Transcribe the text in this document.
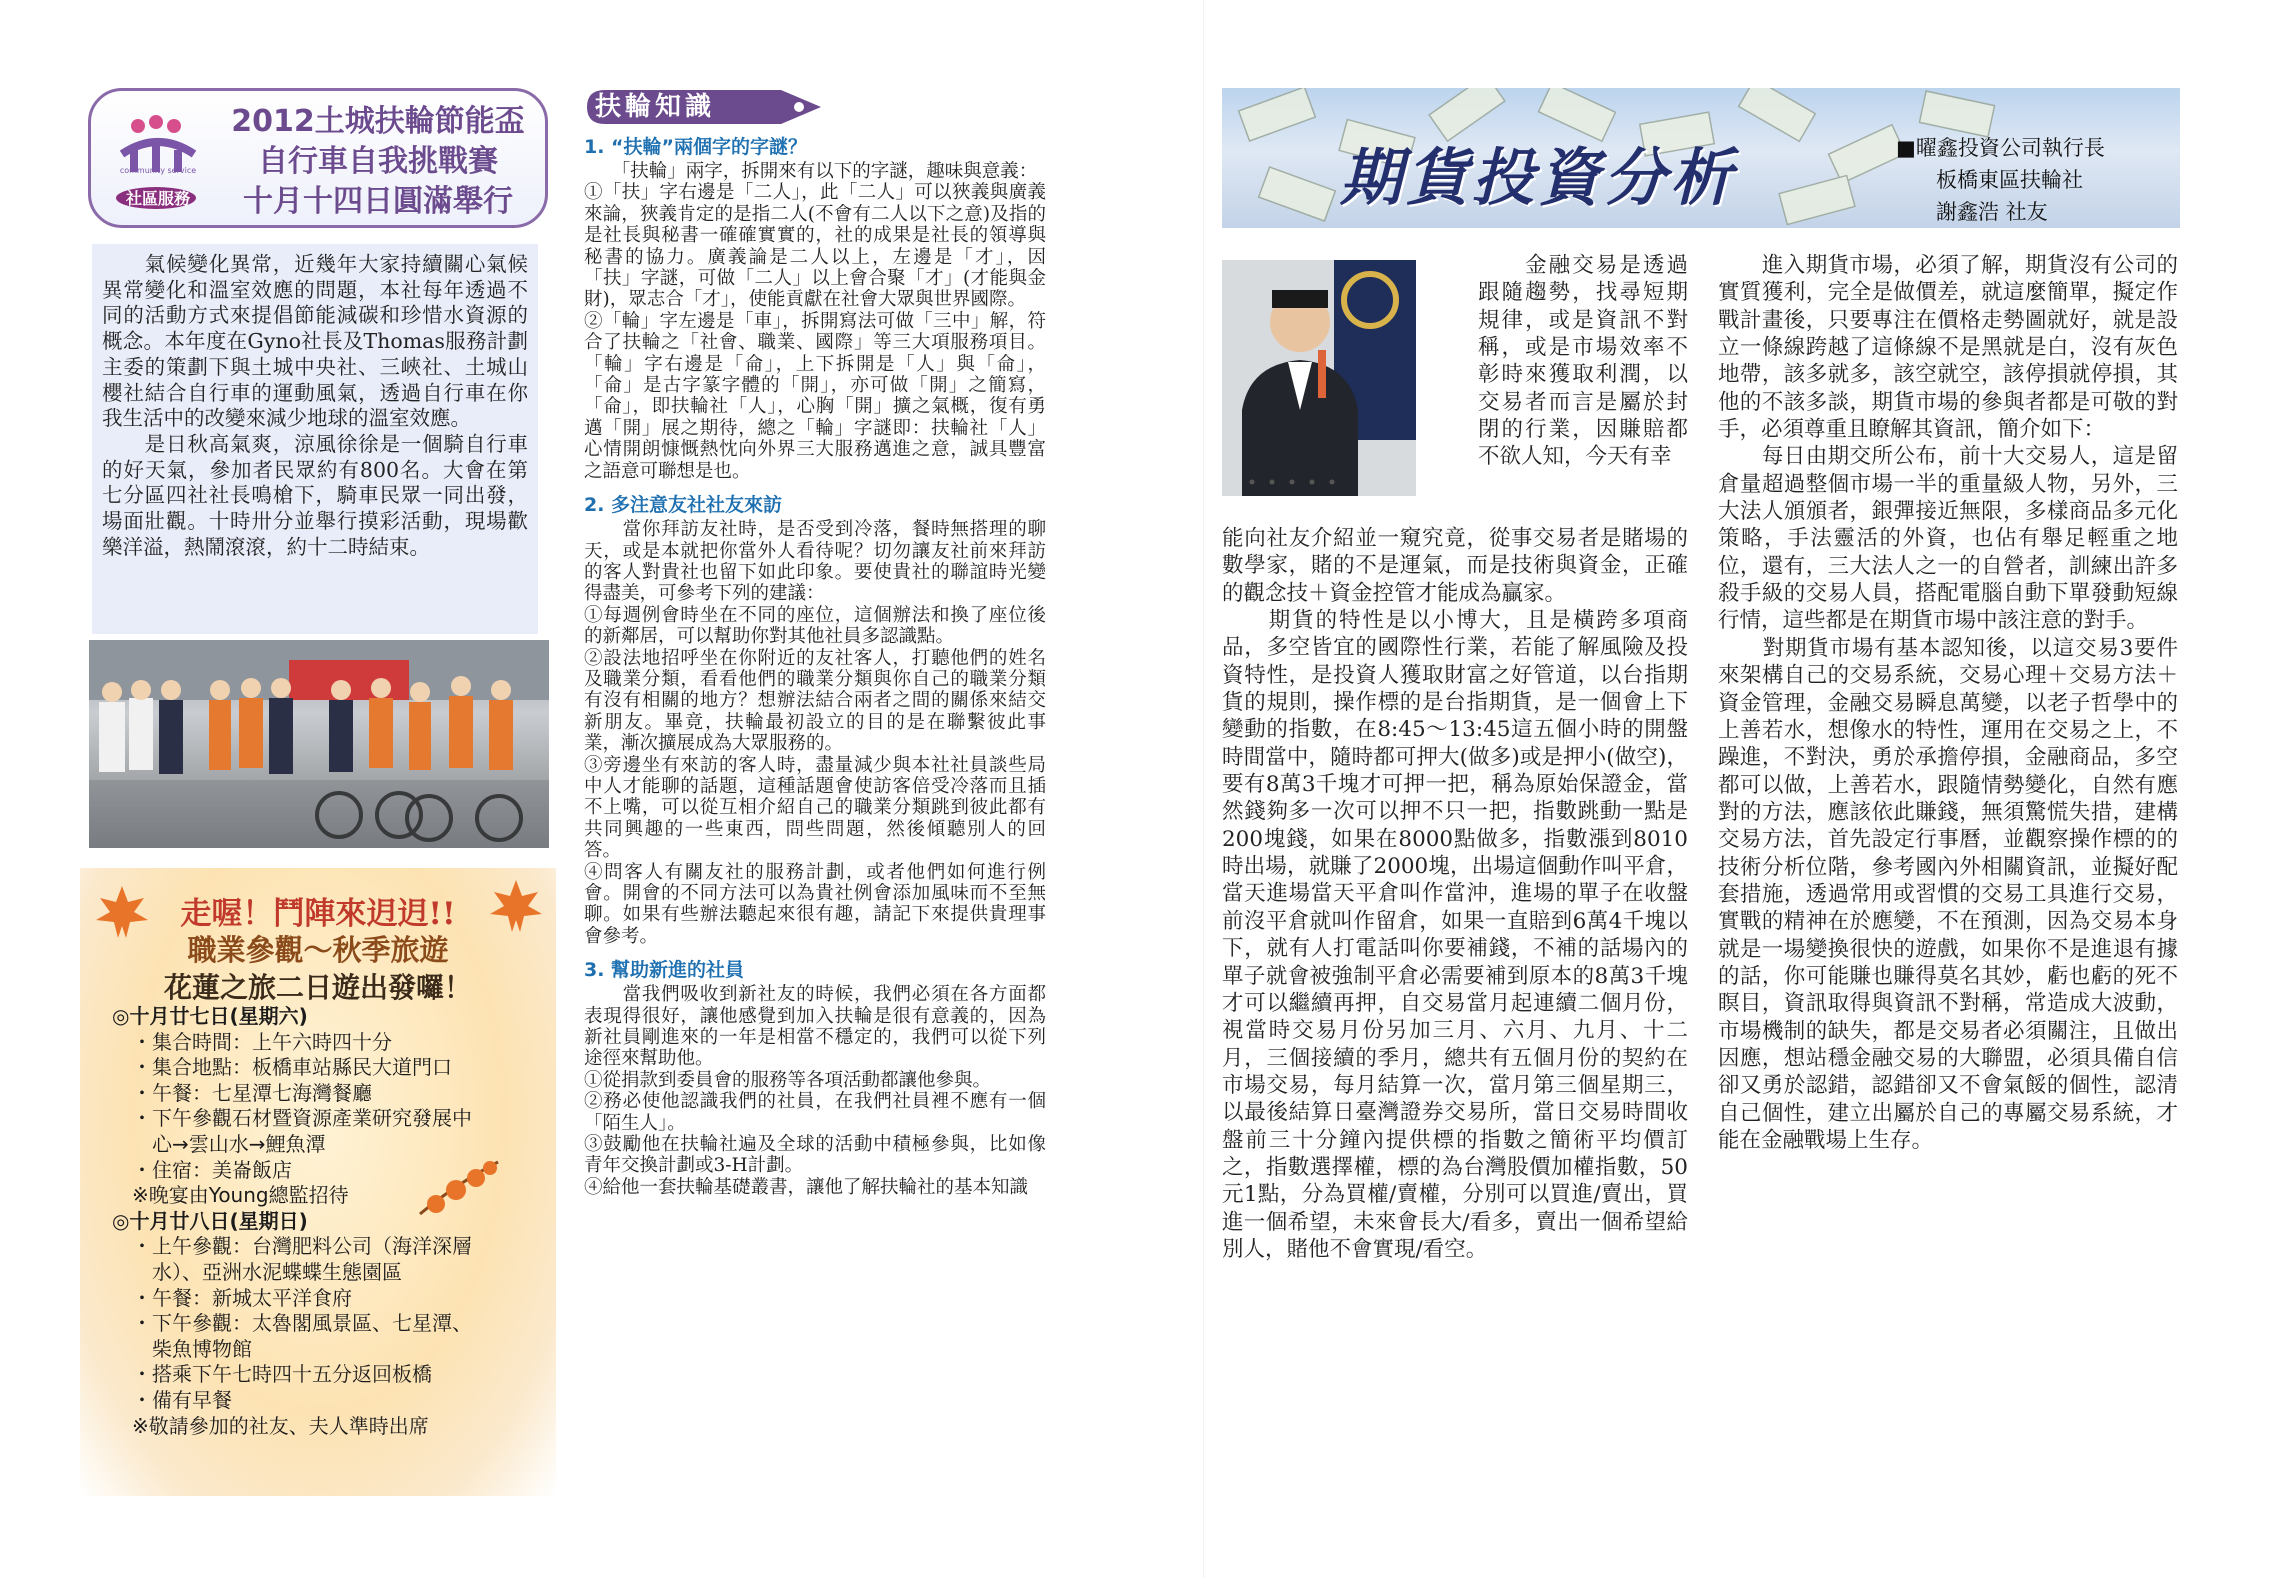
community service
社區服務
2012土城扶輪節能盃
自行車自我挑戰賽
十月十四日圓滿舉行
　　氣候變化異常，近幾年大家持續關心氣候異常變化和溫室效應的問題，本社每年透過不同的活動方式來提倡節能減碳和珍惜水資源的概念。本年度在Gyno社長及Thomas服務計劃主委的策劃下與土城中央社、三峽社、土城山櫻社結合自行車的運動風氣，透過自行車在你我生活中的改變來減少地球的溫室效應。
　　是日秋高氣爽，涼風徐徐是一個騎自行車的好天氣，參加者民眾約有800名。大會在第七分區四社社長鳴槍下，騎車民眾一同出發，場面壯觀。十時卅分並舉行摸彩活動，現場歡樂洋溢，熱鬧滾滾，約十二時結束。
走喔！鬥陣來迌迌!!
職業參觀～秋季旅遊
花蓮之旅二日遊出發囉！
◎十月廿七日(星期六)
　・集合時間：上午六時四十分
　・集合地點：板橋車站縣民大道門口
　・午餐：七星潭七海灣餐廳
　・下午參觀石材暨資源產業研究發展中
　　心→雲山水→鯉魚潭
　・住宿：美崙飯店
　※晚宴由Young總監招待
◎十月廿八日(星期日)
　・上午參觀：台灣肥料公司（海洋深層
　　水）、亞洲水泥蝶蝶生態園區
　・午餐：新城太平洋食府
　・下午參觀：太魯閣風景區、七星潭、
　　柴魚博物館
　・搭乘下午七時四十五分返回板橋
　・備有早餐
　※敬請參加的社友、夫人準時出席
扶輪知識
1. “扶輪”兩個字的字謎？
　　「扶輪」兩字，拆開來有以下的字謎，趣味與意義：
①「扶」字右邊是「二人」，此「二人」可以狹義與廣義來論，狹義肯定的是指二人(不會有二人以下之意)及指的是社長與秘書一確確實實的，社的成果是社長的領導與秘書的協力。廣義論是二人以上，左邊是「才」，因「扶」字謎，可做「二人」以上會合聚「才」(才能與金財)，眾志合「才」，使能貢獻在社會大眾與世界國際。
②「輪」字左邊是「車」，拆開寫法可做「三中」解，符合了扶輪之「社會、職業、國際」等三大項服務項目。「輪」字右邊是「侖」，上下拆開是「人」與「侖」，「侖」是古字篆字體的「開」，亦可做「開」之簡寫，「侖」，即扶輪社「人」，心胸「開」擴之氣概，復有勇邁「開」展之期待，總之「輪」字謎即：扶輪社「人」心情開朗慷慨熱忱向外界三大服務邁進之意，誠具豐富之語意可聯想是也。
2. 多注意友社社友來訪
　　當你拜訪友社時，是否受到冷落，餐時無搭理的聊天，或是本就把你當外人看待呢？切勿讓友社前來拜訪的客人對貴社也留下如此印象。要使貴社的聯誼時光變得盡美，可參考下列的建議：
①每週例會時坐在不同的座位，這個辦法和換了座位後的新鄰居，可以幫助你對其他社員多認識點。
②設法地招呼坐在你附近的友社客人，打聽他們的姓名及職業分類，看看他們的職業分類與你自己的職業分類有沒有相關的地方？想辦法結合兩者之間的關係來結交新朋友。畢竟，扶輪最初設立的目的是在聯繫彼此事業，漸次擴展成為大眾服務的。
③旁邊坐有來訪的客人時，盡量減少與本社社員談些局中人才能聊的話題，這種話題會使訪客倍受冷落而且插不上嘴，可以從互相介紹自己的職業分類跳到彼此都有共同興趣的一些東西，問些問題，然後傾聽別人的回答。
④問客人有關友社的服務計劃，或者他們如何進行例會。開會的不同方法可以為貴社例會添加風味而不至無聊。如果有些辦法聽起來很有趣，請記下來提供貴理事會參考。
3. 幫助新進的社員
　　當我們吸收到新社友的時候，我們必須在各方面都表現得很好，讓他感覺到加入扶輪是很有意義的，因為新社員剛進來的一年是相當不穩定的，我們可以從下列途徑來幫助他。
①從捐款到委員會的服務等各項活動都讓他參與。
②務必使他認識我們的社員，在我們社員裡不應有一個「陌生人」。
③鼓勵他在扶輪社遍及全球的活動中積極參與，比如像青年交換計劃或3-H計劃。
④給他一套扶輪基礎叢書，讓他了解扶輪社的基本知識
期貨投資分析	■曜鑫投資公司執行長
板橋東區扶輪社
謝鑫浩 社友
　　金融交易是透過跟隨趨勢，找尋短期規律，或是資訊不對稱，或是市場效率不彰時來獲取利潤，以交易者而言是屬於封閉的行業，因賺賠都不欲人知，今天有幸
能向社友介紹並一窺究竟，從事交易者是賭場的數學家，賭的不是運氣，而是技術與資金，正確的觀念技＋資金控管才能成為贏家。
　　期貨的特性是以小博大，且是橫跨多項商品，多空皆宜的國際性行業，若能了解風險及投資特性，是投資人獲取財富之好管道，以台指期貨的規則，操作標的是台指期貨，是一個會上下變動的指數，在8:45～13:45這五個小時的開盤時間當中，隨時都可押大(做多)或是押小(做空)，要有8萬3千塊才可押一把，稱為原始保證金，當然錢夠多一次可以押不只一把，指數跳動一點是200塊錢，如果在8000點做多，指數漲到8010時出場，就賺了2000塊，出場這個動作叫平倉，當天進場當天平倉叫作當沖，進場的單子在收盤前沒平倉就叫作留倉，如果一直賠到6萬4千塊以下，就有人打電話叫你要補錢，不補的話場內的單子就會被強制平倉必需要補到原本的8萬3千塊才可以繼續再押，自交易當月起連續二個月份，視當時交易月份另加三月、六月、九月、十二月，三個接續的季月，總共有五個月份的契約在市場交易，每月結算一次，當月第三個星期三，以最後結算日臺灣證券交易所，當日交易時間收盤前三十分鐘內提供標的指數之簡術平均價訂之，指數選擇權，標的為台灣股價加權指數，50元1點，分為買權/賣權，分別可以買進/賣出，買進一個希望，未來會長大/看多，賣出一個希望給別人，賭他不會實現/看空。
　　進入期貨市場，必須了解，期貨沒有公司的實質獲利，完全是做價差，就這麼簡單，擬定作戰計畫後，只要專注在價格走勢圖就好，就是設立一條線跨越了這條線不是黑就是白，沒有灰色地帶，該多就多，該空就空，該停損就停損，其他的不該多談，期貨市場的參與者都是可敬的對手，必須尊重且瞭解其資訊，簡介如下：
　　每日由期交所公布，前十大交易人，這是留倉量超過整個市場一半的重量級人物，另外，三大法人頒頒者，銀彈接近無限，多樣商品多元化策略，手法靈活的外資，也佔有舉足輕重之地位，還有，三大法人之一的自營者，訓練出許多殺手級的交易人員，搭配電腦自動下單發動短線行情，這些都是在期貨市場中該注意的對手。
　　對期貨市場有基本認知後，以這交易3要件來架構自己的交易系統，交易心理＋交易方法＋資金管理，金融交易瞬息萬變，以老子哲學中的上善若水，想像水的特性，運用在交易之上，不躁進，不對決，勇於承擔停損，金融商品，多空都可以做，上善若水，跟隨情勢變化，自然有應對的方法，應該依此賺錢，無須驚慌失措，建構交易方法，首先設定行事曆，並觀察操作標的的技術分析位階，參考國內外相關資訊，並擬好配套措施，透過常用或習慣的交易工具進行交易，實戰的精神在於應變，不在預測，因為交易本身就是一場變換很快的遊戲，如果你不是進退有據的話，你可能賺也賺得莫名其妙，虧也虧的死不瞑目，資訊取得與資訊不對稱，常造成大波動，市場機制的缺失，都是交易者必須關注，且做出因應，想站穩金融交易的大聯盟，必須具備自信卻又勇於認錯，認錯卻又不會氣餒的個性，認清自己個性，建立出屬於自己的專屬交易系統，才能在金融戰場上生存。
